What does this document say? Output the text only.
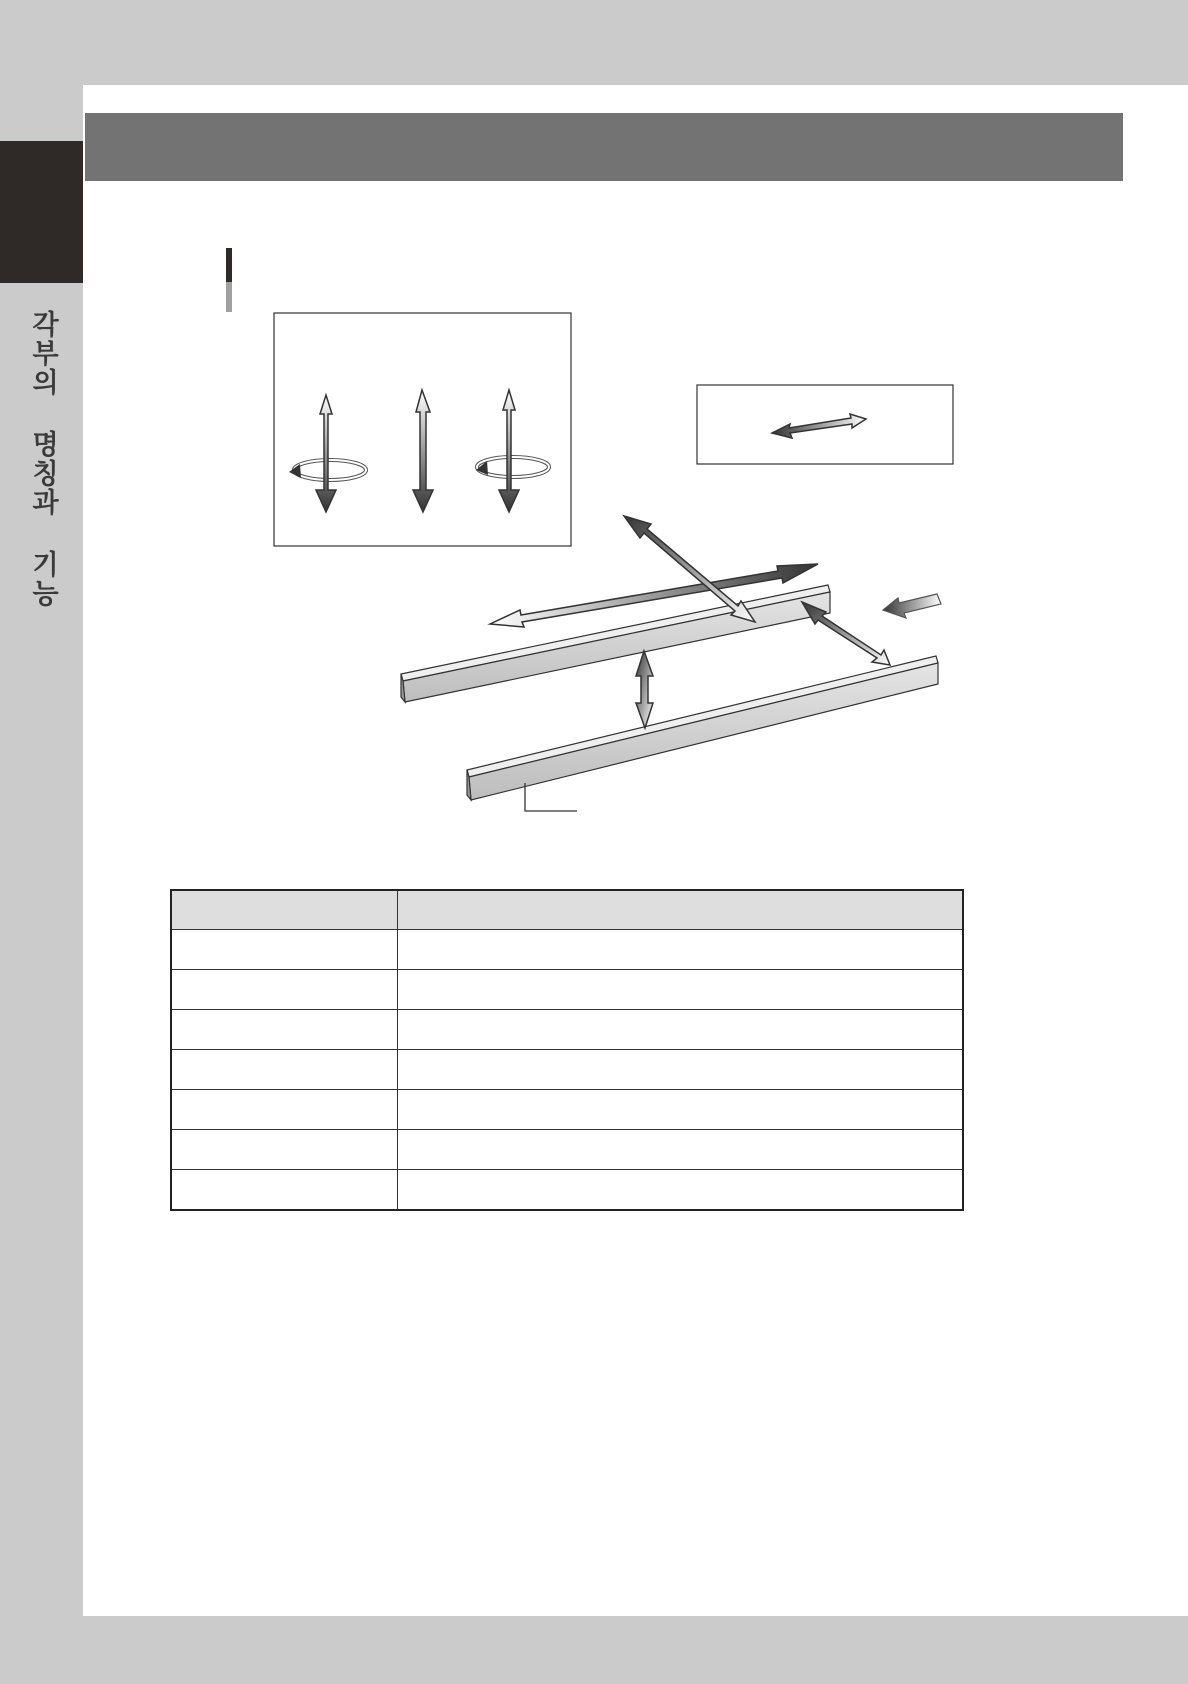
각부의 명칭과 기능
